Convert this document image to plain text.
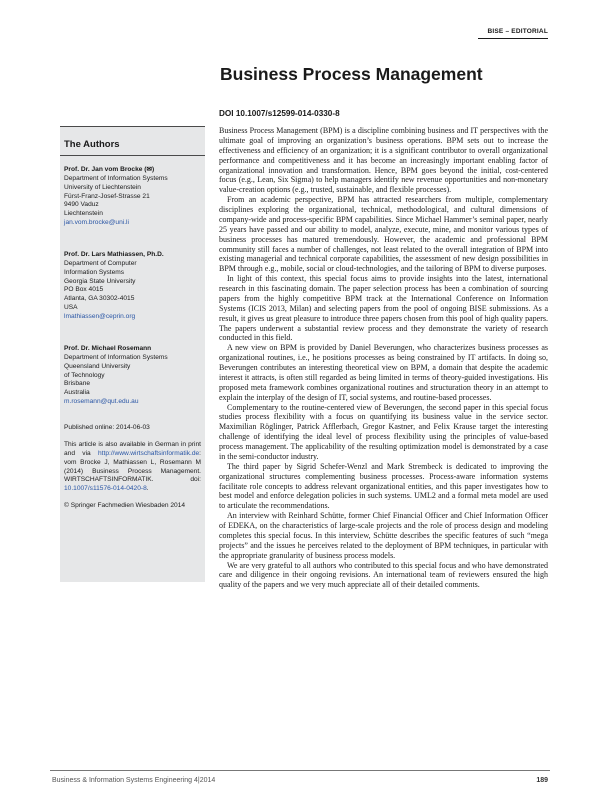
BISE – EDITORIAL
Business Process Management
DOI 10.1007/s12599-014-0330-8
The Authors
Prof. Dr. Jan vom Brocke (✉)
Department of Information Systems
University of Liechtenstein
Fürst-Franz-Josef-Strasse 21
9490 Vaduz
Liechtenstein
jan.vom.brocke@uni.li
Prof. Dr. Lars Mathiassen, Ph.D.
Department of Computer
Information Systems
Georgia State University
PO Box 4015
Atlanta, GA 30302-4015
USA
lmathiassen@ceprin.org
Prof. Dr. Michael Rosemann
Department of Information Systems
Queensland University
of Technology
Brisbane
Australia
m.rosemann@qut.edu.au
Published online: 2014-06-03
This article is also available in German in print and via http://www.wirtschaftsinformatik.de: vom Brocke J, Mathiassen L, Rosemann M (2014) Business Process Management. WIRTSCHAFTSINFORMATIK. doi: 10.1007/s11576-014-0420-8.
© Springer Fachmedien Wiesbaden 2014

Business Process Management (BPM) is a discipline combining business and IT perspectives with the ultimate goal of improving an organization’s business operations. BPM sets out to increase the effectiveness and efficiency of an organization; it is a significant contributor to overall organizational performance and competitiveness and it has become an increasingly important enabling factor of organizational innovation and transformation. Hence, BPM goes beyond the initial, cost-centered focus (e.g., Lean, Six Sigma) to help managers identify new revenue opportunities and non-monetary value-creation options (e.g., trusted, sustainable, and flexible processes).

From an academic perspective, BPM has attracted researchers from multiple, complementary disciplines exploring the organizational, technical, methodological, and cultural dimensions of company-wide and process-specific BPM capabilities. Since Michael Hammer’s seminal paper, nearly 25 years have passed and our ability to model, analyze, execute, mine, and monitor various types of business processes has matured tremendously. However, the academic and professional BPM community still faces a number of challenges, not least related to the overall integration of BPM into existing managerial and technical corporate capabilities, the assessment of new design possibilities in BPM through e.g., mobile, social or cloud-technologies, and the tailoring of BPM to diverse purposes.

In light of this context, this special focus aims to provide insights into the latest, international research in this fascinating domain. The paper selection process has been a combination of sourcing papers from the highly competitive BPM track at the International Conference on Information Systems (ICIS 2013, Milan) and selecting papers from the pool of ongoing BISE submissions. As a result, it gives us great pleasure to introduce three papers chosen from this pool of high quality papers. The papers underwent a substantial review process and they demonstrate the variety of research conducted in this field.

A new view on BPM is provided by Daniel Beverungen, who characterizes business processes as organizational routines, i.e., he positions processes as being constrained by IT artifacts. In doing so, Beverungen contributes an interesting theoretical view on BPM, a domain that despite the academic interest it attracts, is often still regarded as being limited in terms of theory-guided investigations. His proposed meta framework combines organizational routines and structuration theory in an attempt to explain the interplay of the design of IT, social systems, and routine-based processes.

Complementary to the routine-centered view of Beverungen, the second paper in this special focus studies process flexibility with a focus on quantifying its business value in the service sector. Maximilian Röglinger, Patrick Afflerbach, Gregor Kastner, and Felix Krause target the interesting challenge of identifying the ideal level of process flexibility using the principles of value-based process management. The applicability of the resulting optimization model is demonstrated by a case in the semi-conductor industry.

The third paper by Sigrid Schefer-Wenzl and Mark Strembeck is dedicated to improving the organizational structures complementing business processes. Process-aware information systems facilitate role concepts to address relevant organizational entities, and this paper investigates how to best model and enforce delegation policies in such systems. UML2 and a formal meta model are used to articulate the recommendations.

An interview with Reinhard Schütte, former Chief Financial Officer and Chief Information Officer of EDEKA, on the characteristics of large-scale projects and the role of process design and modeling completes this special focus. In this interview, Schütte describes the specific features of such “mega projects” and the issues he perceives related to the deployment of BPM techniques, in particular with the appropriate granularity of business process models.

We are very grateful to all authors who contributed to this special focus and who have demonstrated care and diligence in their ongoing revisions. An international team of reviewers ensured the high quality of the papers and we very much appreciate all of their detailed comments.

Business & Information Systems Engineering 4|2014	189
